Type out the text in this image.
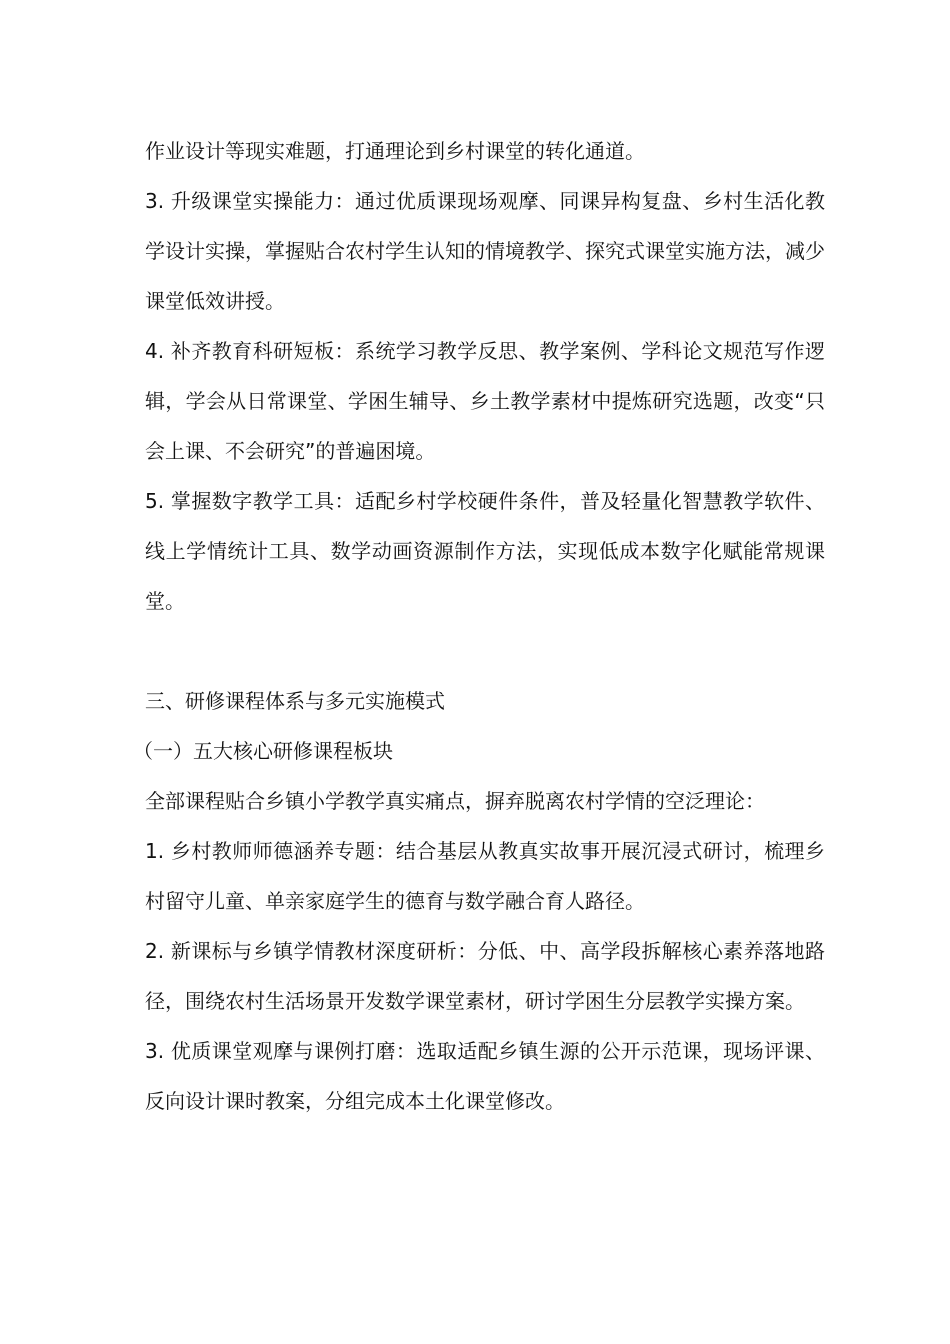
作业设计等现实难题，打通理论到乡村课堂的转化通道。

3. 升级课堂实操能力：通过优质课现场观摩、同课异构复盘、乡村生活化教学设计实操，掌握贴合农村学生认知的情境教学、探究式课堂实施方法，减少课堂低效讲授。

4. 补齐教育科研短板：系统学习教学反思、教学案例、学科论文规范写作逻辑，学会从日常课堂、学困生辅导、乡土教学素材中提炼研究选题，改变“只会上课、不会研究”的普遍困境。

5. 掌握数字教学工具：适配乡村学校硬件条件，普及轻量化智慧教学软件、线上学情统计工具、数学动画资源制作方法，实现低成本数字化赋能常规课堂。

三、研修课程体系与多元实施模式

（一）五大核心研修课程板块

全部课程贴合乡镇小学教学真实痛点，摒弃脱离农村学情的空泛理论：

1. 乡村教师师德涵养专题：结合基层从教真实故事开展沉浸式研讨，梳理乡村留守儿童、单亲家庭学生的德育与数学融合育人路径。

2. 新课标与乡镇学情教材深度研析：分低、中、高学段拆解核心素养落地路径，围绕农村生活场景开发数学课堂素材，研讨学困生分层教学实操方案。

3. 优质课堂观摩与课例打磨：选取适配乡镇生源的公开示范课，现场评课、反向设计课时教案，分组完成本土化课堂修改。
